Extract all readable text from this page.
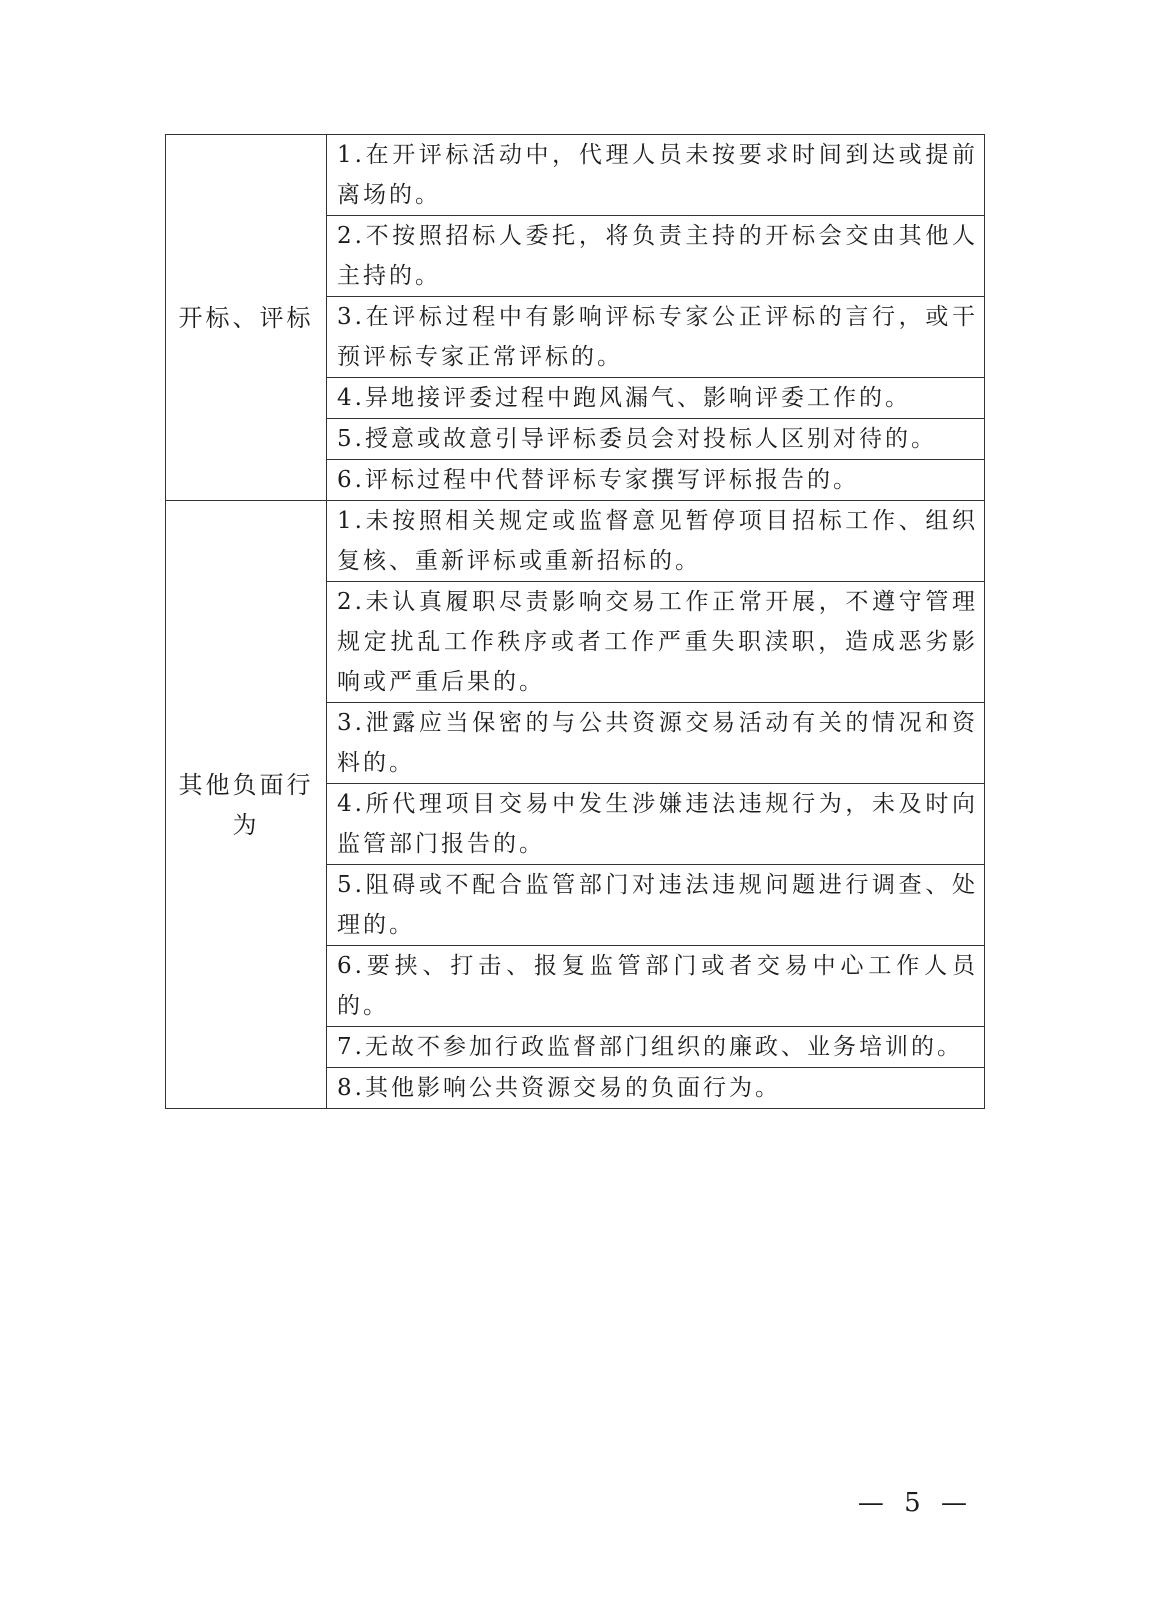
开标、评标	1.在开评标活动中，代理人员未按要求时间到达或提前离场的。
	2.不按照招标人委托，将负责主持的开标会交由其他人主持的。
	3.在评标过程中有影响评标专家公正评标的言行，或干预评标专家正常评标的。
	4.异地接评委过程中跑风漏气、影响评委工作的。
	5.授意或故意引导评标委员会对投标人区别对待的。
	6.评标过程中代替评标专家撰写评标报告的。
其他负面行为	1.未按照相关规定或监督意见暂停项目招标工作、组织复核、重新评标或重新招标的。
	2.未认真履职尽责影响交易工作正常开展，不遵守管理规定扰乱工作秩序或者工作严重失职渎职，造成恶劣影响或严重后果的。
	3.泄露应当保密的与公共资源交易活动有关的情况和资料的。
	4.所代理项目交易中发生涉嫌违法违规行为，未及时向监管部门报告的。
	5.阻碍或不配合监管部门对违法违规问题进行调查、处理的。
	6.要挟、打击、报复监管部门或者交易中心工作人员的。
	7.无故不参加行政监督部门组织的廉政、业务培训的。
	8.其他影响公共资源交易的负面行为。
— 5 —
